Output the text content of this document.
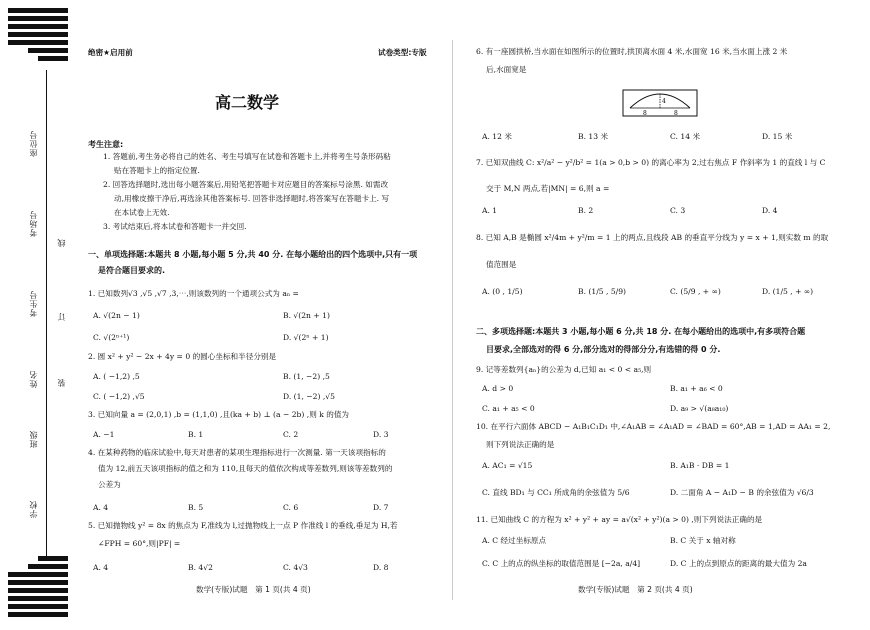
座位号
考场号
考生号
姓名
班级
学校
线
订
装
绝密★启用前	试卷类型:专版
高二数学
考生注意:
1. 答题前,考生务必将自己的姓名、考生号填写在试卷和答题卡上,并将考生号条形码粘
贴在答题卡上的指定位置.
2. 回答选择题时,选出每小题答案后,用铅笔把答题卡对应题目的答案标号涂黑. 如需改
动,用橡皮擦干净后,再选涂其他答案标号. 回答非选择题时,将答案写在答题卡上. 写
在本试卷上无效.
3. 考试结束后,将本试卷和答题卡一并交回.
一、单项选择题:本题共 8 小题,每小题 5 分,共 40 分. 在每小题给出的四个选项中,只有一项
是符合题目要求的.
1. 已知数列√3 ,√5 ,√7 ,3,⋯,则该数列的一个通项公式为 aₙ =
A. √(2n − 1)	B. √(2n + 1)
C. √(2ⁿ⁺¹)	D. √(2ⁿ + 1)
2. 圆 x² + y² − 2x + 4y = 0 的圆心坐标和半径分别是
A. ( −1,2) ,5	B. (1, −2) ,5
C. ( −1,2) ,√5	D. (1, −2) ,√5
3. 已知向量 a = (2,0,1) ,b = (1,1,0) ,且(ka + b) ⊥ (a − 2b) ,则 k 的值为
A. −1	B. 1	C. 2	D. 3
4. 在某种药物的临床试验中,每天对患者的某项生理指标进行一次测量. 第一天该项指标的
值为 12,前五天该项指标的值之和为 110,且每天的值依次构成等差数列,则该等差数列的
公差为
A. 4	B. 5	C. 6	D. 7
5. 已知抛物线 y² = 8x 的焦点为 F,准线为 l,过抛物线上一点 P 作准线 l 的垂线,垂足为 H,若
∠FPH = 60°,则|PF| =
A. 4	B. 4√2	C. 4√3	D. 8
数学(专版)试题　第 1 页(共 4 页)
6. 有一座圆拱桥,当水面在如图所示的位置时,拱顶离水面 4 米,水面宽 16 米,当水面上涨 2 米
后,水面宽是
4
8	8
A. 12 米	B. 13 米	C. 14 米	D. 15 米
7. 已知双曲线 C: x²/a² − y²/b² = 1(a > 0,b > 0) 的离心率为 2,过右焦点 F 作斜率为 1 的直线 l 与 C
交于 M,N 两点,若|MN| = 6,则 a =
A. 1	B. 2	C. 3	D. 4
8. 已知 A,B 是椭圆 x²/4m + y²/m = 1 上的两点,且线段 AB 的垂直平分线为 y = x + 1,则实数 m 的取
值范围是
A. (0 , 1/5)	B. (1/5 , 5/9)	C. (5/9 , + ∞)	D. (1/5 , + ∞)
二、多项选择题:本题共 3 小题,每小题 6 分,共 18 分. 在每小题给出的选项中,有多项符合题
目要求,全部选对的得 6 分,部分选对的得部分分,有选错的得 0 分.
9. 记等差数列{aₙ}的公差为 d,已知 a₁ < 0 < a₅,则
A. d > 0	B. a₁ + a₆ < 0
C. a₁ + a₅ < 0	D. a₉ > √(a₈a₁₀)
10. 在平行六面体 ABCD − A₁B₁C₁D₁ 中,∠A₁AB = ∠A₁AD = ∠BAD = 60°,AB = 1,AD = AA₁ = 2,
则下列说法正确的是
A. AC₁ = √15	B. A₁B · DB = 1
C. 直线 BD₁ 与 CC₁ 所成角的余弦值为 5/6	D. 二面角 A − A₁D − B 的余弦值为 √6/3
11. 已知曲线 C 的方程为 x² + y² + ay = a√(x² + y²)(a > 0) ,则下列说法正确的是
A. C 经过坐标原点	B. C 关于 x 轴对称
C. C 上的点的纵坐标的取值范围是 [−2a, a/4]	D. C 上的点到原点的距离的最大值为 2a
数学(专版)试题　第 2 页(共 4 页)
